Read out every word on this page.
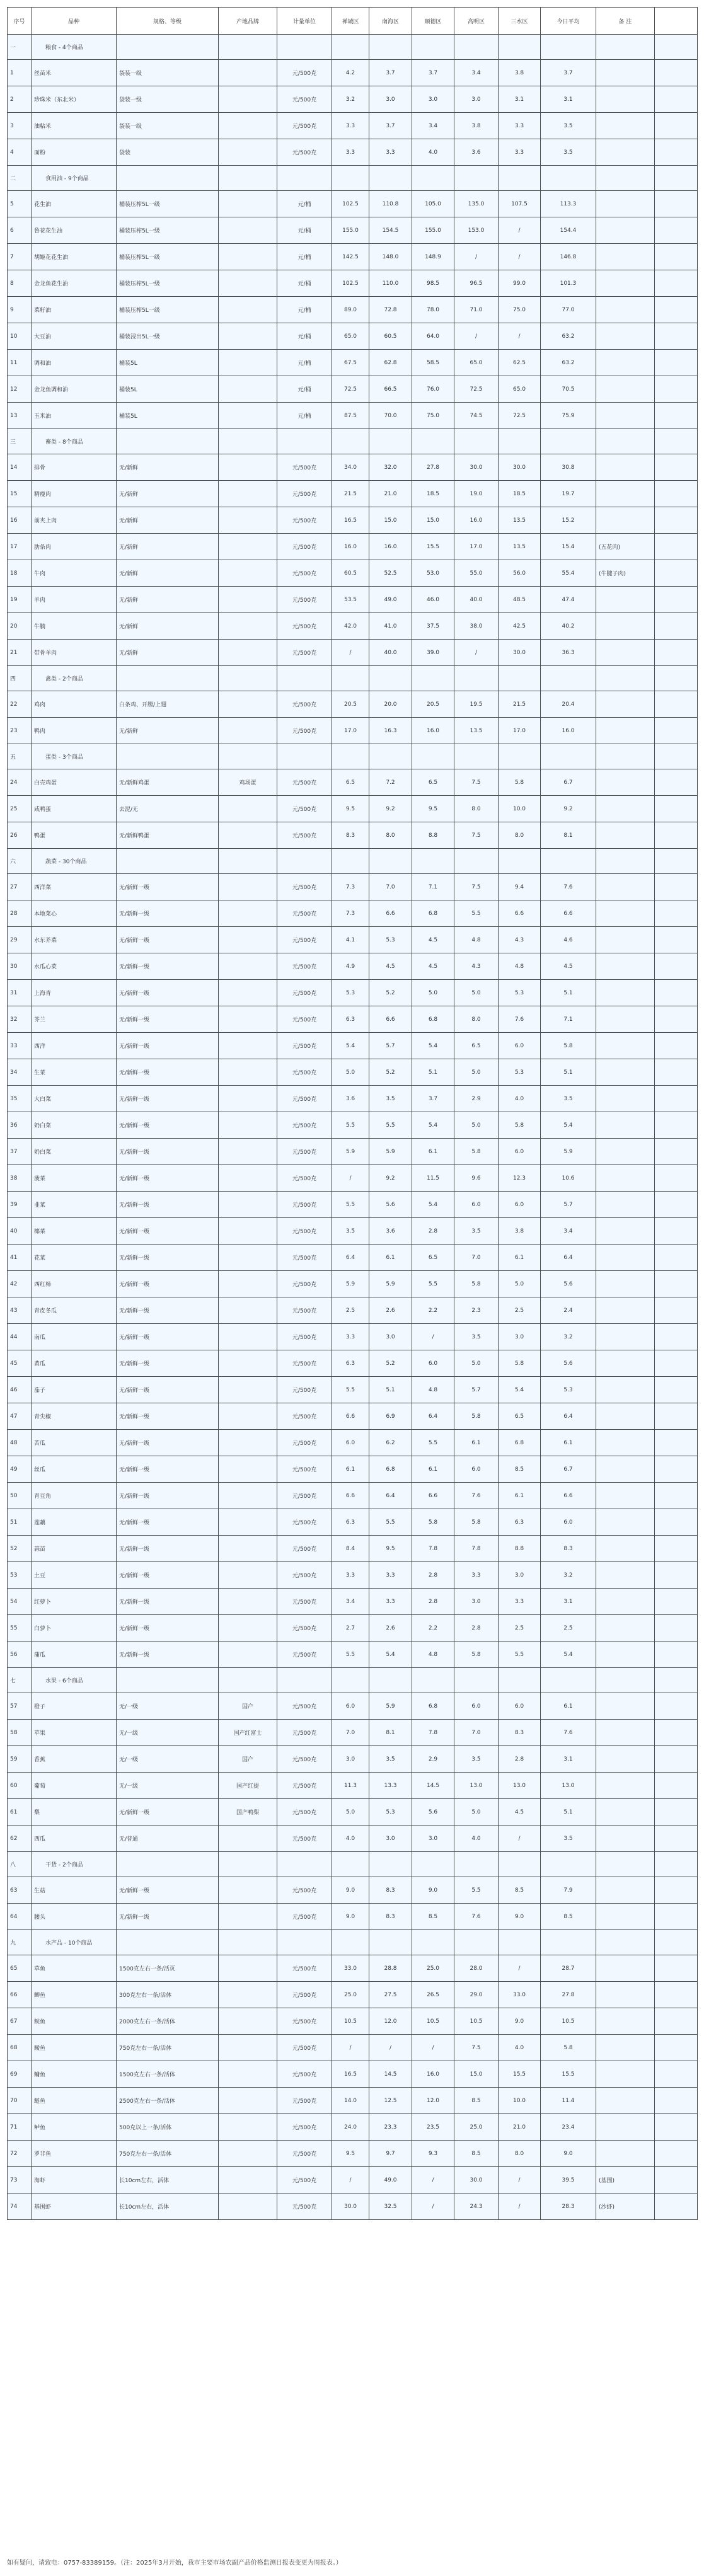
序号	品种	规格、等级	产地品牌	计量单位	禅城区	南海区	顺德区	高明区	三水区	今日平均	备 注	
一	粮食 - 4个商品											
1	丝苗米	袋装一级		元/500克	4.2	3.7	3.7	3.4	3.8	3.7		
2	珍珠米（东北米）	袋装一级		元/500克	3.2	3.0	3.0	3.0	3.1	3.1		
3	油粘米	袋装一级		元/500克	3.3	3.7	3.4	3.8	3.3	3.5		
4	面粉	袋装		元/500克	3.3	3.3	4.0	3.6	3.3	3.5		
二	食用油 - 9个商品											
5	花生油	桶装压榨5L一级		元/桶	102.5	110.8	105.0	135.0	107.5	113.3		
6	鲁花花生油	桶装压榨5L一级		元/桶	155.0	154.5	155.0	153.0	/	154.4		
7	胡姬花花生油	桶装压榨5L一级		元/桶	142.5	148.0	148.9	/	/	146.8		
8	金龙鱼花生油	桶装压榨5L一级		元/桶	102.5	110.0	98.5	96.5	99.0	101.3		
9	菜籽油	桶装压榨5L一级		元/桶	89.0	72.8	78.0	71.0	75.0	77.0		
10	大豆油	桶装浸出5L一级		元/桶	65.0	60.5	64.0	/	/	63.2		
11	调和油	桶装5L		元/桶	67.5	62.8	58.5	65.0	62.5	63.2		
12	金龙鱼调和油	桶装5L		元/桶	72.5	66.5	76.0	72.5	65.0	70.5		
13	玉米油	桶装5L		元/桶	87.5	70.0	75.0	74.5	72.5	75.9		
三	畜类 - 8个商品											
14	排骨	无/新鲜		元/500克	34.0	32.0	27.8	30.0	30.0	30.8		
15	精瘦肉	无/新鲜		元/500克	21.5	21.0	18.5	19.0	18.5	19.7		
16	前夹上肉	无/新鲜		元/500克	16.5	15.0	15.0	16.0	13.5	15.2		
17	肋条肉	无/新鲜		元/500克	16.0	16.0	15.5	17.0	13.5	15.4	(五花肉)	
18	牛肉	无/新鲜		元/500克	60.5	52.5	53.0	55.0	56.0	55.4	(牛腱子肉)	
19	羊肉	无/新鲜		元/500克	53.5	49.0	46.0	40.0	48.5	47.4		
20	牛腩	无/新鲜		元/500克	42.0	41.0	37.5	38.0	42.5	40.2		
21	带骨羊肉	无/新鲜		元/500克	/	40.0	39.0	/	30.0	36.3		
四	禽类 - 2个商品											
22	鸡肉	白条鸡、开膛/上翅		元/500克	20.5	20.0	20.5	19.5	21.5	20.4		
23	鸭肉	无/新鲜		元/500克	17.0	16.3	16.0	13.5	17.0	16.0		
五	蛋类 - 3个商品											
24	白壳鸡蛋	无/新鲜鸡蛋	鸡场蛋	元/500克	6.5	7.2	6.5	7.5	5.8	6.7		
25	咸鸭蛋	去泥/无		元/500克	9.5	9.2	9.5	8.0	10.0	9.2		
26	鸭蛋	无/新鲜鸭蛋		元/500克	8.3	8.0	8.8	7.5	8.0	8.1		
六	蔬菜 - 30个商品											
27	西洋菜	无/新鲜一级		元/500克	7.3	7.0	7.1	7.5	9.4	7.6		
28	本地菜心	无/新鲜一级		元/500克	7.3	6.6	6.8	5.5	6.6	6.6		
29	水东芥菜	无/新鲜一级		元/500克	4.1	5.3	4.5	4.8	4.3	4.6		
30	水瓜心菜	无/新鲜一级		元/500克	4.9	4.5	4.5	4.3	4.8	4.5		
31	上海青	无/新鲜一级		元/500克	5.3	5.2	5.0	5.0	5.3	5.1		
32	芥兰	无/新鲜一级		元/500克	6.3	6.6	6.8	8.0	7.6	7.1		
33	西洋	无/新鲜一级		元/500克	5.4	5.7	5.4	6.5	6.0	5.8		
34	生菜	无/新鲜一级		元/500克	5.0	5.2	5.1	5.0	5.3	5.1		
35	大白菜	无/新鲜一级		元/500克	3.6	3.5	3.7	2.9	4.0	3.5		
36	奶白菜	无/新鲜一级		元/500克	5.5	5.5	5.4	5.0	5.8	5.4		
37	奶白菜	无/新鲜一级		元/500克	5.9	5.9	6.1	5.8	6.0	5.9		
38	菠菜	无/新鲜一级		元/500克	/	9.2	11.5	9.6	12.3	10.6		
39	韭菜	无/新鲜一级		元/500克	5.5	5.6	5.4	6.0	6.0	5.7		
40	椰菜	无/新鲜一级		元/500克	3.5	3.6	2.8	3.5	3.8	3.4		
41	花菜	无/新鲜一级		元/500克	6.4	6.1	6.5	7.0	6.1	6.4		
42	西红柿	无/新鲜一级		元/500克	5.9	5.9	5.5	5.8	5.0	5.6		
43	青皮冬瓜	无/新鲜一级		元/500克	2.5	2.6	2.2	2.3	2.5	2.4		
44	南瓜	无/新鲜一级		元/500克	3.3	3.0	/	3.5	3.0	3.2		
45	黄瓜	无/新鲜一级		元/500克	6.3	5.2	6.0	5.0	5.8	5.6		
46	茄子	无/新鲜一级		元/500克	5.5	5.1	4.8	5.7	5.4	5.3		
47	青尖椒	无/新鲜一级		元/500克	6.6	6.9	6.4	5.8	6.5	6.4		
48	苦瓜	无/新鲜一级		元/500克	6.0	6.2	5.5	6.1	6.8	6.1		
49	丝瓜	无/新鲜一级		元/500克	6.1	6.8	6.1	6.0	8.5	6.7		
50	青豆角	无/新鲜一级		元/500克	6.6	6.4	6.6	7.6	6.1	6.6		
51	莲藕	无/新鲜一级		元/500克	6.3	5.5	5.8	5.8	6.3	6.0		
52	蒜苗	无/新鲜一级		元/500克	8.4	9.5	7.8	7.8	8.8	8.3		
53	土豆	无/新鲜一级		元/500克	3.3	3.3	2.8	3.3	3.0	3.2		
54	红萝卜	无/新鲜一级		元/500克	3.4	3.3	2.8	3.0	3.3	3.1		
55	白萝卜	无/新鲜一级		元/500克	2.7	2.6	2.2	2.8	2.5	2.5		
56	蒲瓜	无/新鲜一级		元/500克	5.5	5.4	4.8	5.8	5.5	5.4		
七	水果 - 6个商品											
57	橙子	无/一级	国产	元/500克	6.0	5.9	6.8	6.0	6.0	6.1		
58	苹果	无/一级	国产红富士	元/500克	7.0	8.1	7.8	7.0	8.3	7.6		
59	香蕉	无/一级	国产	元/500克	3.0	3.5	2.9	3.5	2.8	3.1		
60	葡萄	无/一级	国产红提	元/500克	11.3	13.3	14.5	13.0	13.0	13.0		
61	梨	无/新鲜一级	国产鸭梨	元/500克	5.0	5.3	5.6	5.0	4.5	5.1		
62	西瓜	无/普通		元/500克	4.0	3.0	3.0	4.0	/	3.5		
八	干货 - 2个商品											
63	生菇	无/新鲜一级		元/500克	9.0	8.3	9.0	5.5	8.5	7.9		
64	腰头	无/新鲜一级		元/500克	9.0	8.3	8.5	7.6	9.0	8.5		
九	水产品 - 10个商品											
65	草鱼	1500克左右一条/活页		元/500克	33.0	28.8	25.0	28.0	/	28.7		
66	鲫鱼	300克左右一条/活体		元/500克	25.0	27.5	26.5	29.0	33.0	27.8		
67	鲩鱼	2000克左右一条/活体		元/500克	10.5	12.0	10.5	10.5	9.0	10.5		
68	鲮鱼	750克左右一条/活体		元/500克	/	/	/	7.5	4.0	5.8		
69	鳙鱼	1500克左右一条/活体		元/500克	16.5	14.5	16.0	15.0	15.5	15.5		
70	鲢鱼	2500克左右一条/活体		元/500克	14.0	12.5	12.0	8.5	10.0	11.4		
71	鲈鱼	500克以上一条/活体		元/500克	24.0	23.3	23.5	25.0	21.0	23.4		
72	罗非鱼	750克左右一条/活体		元/500克	9.5	9.7	9.3	8.5	8.0	9.0		
73	海虾	长10cm左右，活体		元/500克	/	49.0	/	30.0	/	39.5	(基围)	
74	基围虾	长10cm左右，活体		元/500克	30.0	32.5	/	24.3	/	28.3	(沙虾)	
如有疑问，请致电：0757-83389159。（注：2025年3月开始，我市主要市场农副产品价格监测日报表变更为周报表。）
